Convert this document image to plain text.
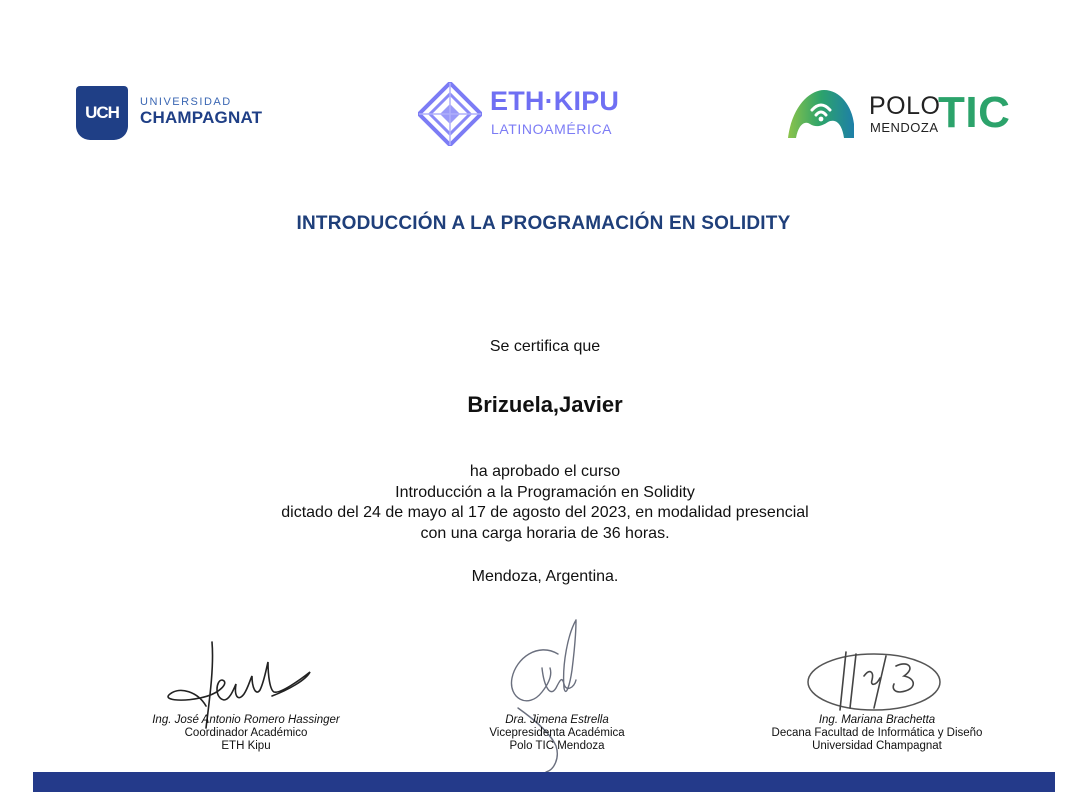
UCH
UNIVERSIDAD
CHAMPAGNAT
ETH·KIPU
LATINOAMÉRICA
POLO
MENDOZA TIC
INTRODUCCIÓN A LA PROGRAMACIÓN EN SOLIDITY
Se certifica que
Brizuela,Javier
ha aprobado el curso
Introducción a la Programación en Solidity
dictado del 24 de mayo al 17 de agosto del 2023, en modalidad presencial
con una carga horaria de 36 horas.
Mendoza, Argentina.
Ing. José Antonio Romero Hassinger
Coordinador Académico
ETH Kipu
Dra. Jimena Estrella
Vicepresidenta Académica
Polo TIC Mendoza
Ing. Mariana Brachetta
Decana Facultad de Informática y Diseño
Universidad Champagnat
